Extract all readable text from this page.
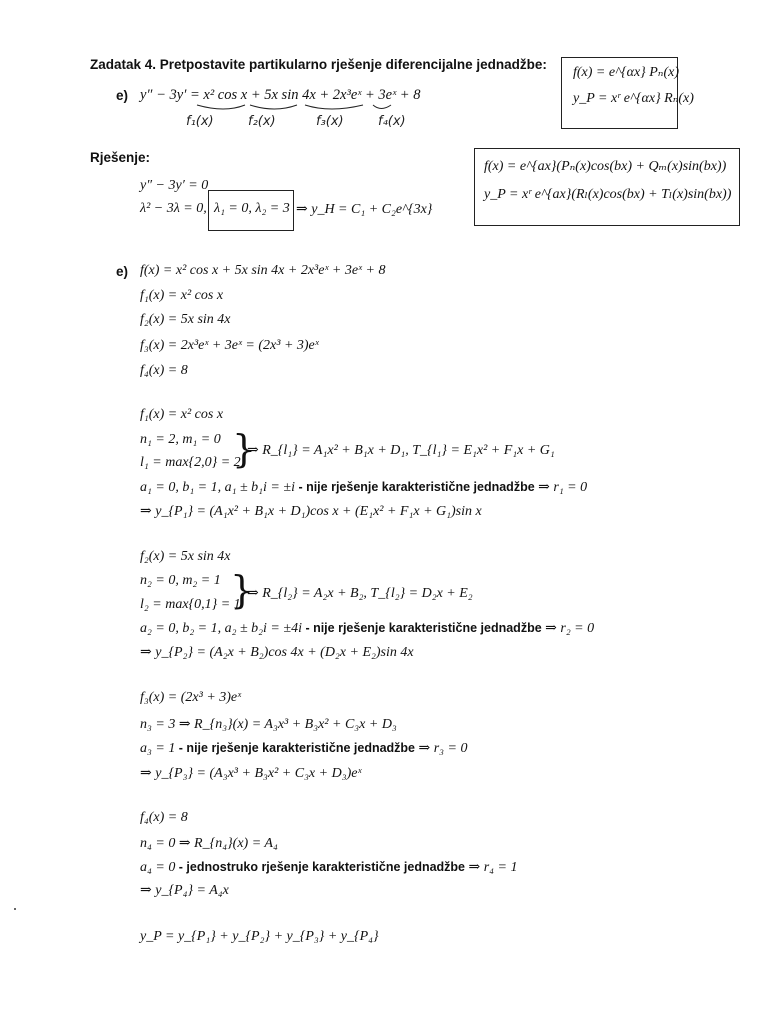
Zadatak 4. Pretpostavite partikularno rješenje diferencijalne jednadžbe:
e) y″ − 3y′ = x² cos x + 5x sin 4x + 2x³eˣ + 3eˣ + 8
f₁(x)	f₂(x)	f₃(x)	f₄(x)
f(x) = e^{αx} Pₙ(x)
y_P = xʳ e^{αx} Rₙ(x)
f(x) = e^{ax}(Pₙ(x)cos(bx) + Qₘ(x)sin(bx))
y_P = xʳ e^{ax}(Rₗ(x)cos(bx) + Tₗ(x)sin(bx))
Rješenje:
y″ − 3y′ = 0
λ² − 3λ = 0, λ₁ = 0, λ₂ = 3 ⇒ y_H = C₁ + C₂e^{3x}
e) f(x) = x² cos x + 5x sin 4x + 2x³eˣ + 3eˣ + 8
f₁(x) = x² cos x
f₂(x) = 5x sin 4x
f₃(x) = 2x³eˣ + 3eˣ = (2x³ + 3)eˣ
f₄(x) = 8
f₁(x) = x² cos x
n₁ = 2, m₁ = 0
l₁ = max{2,0} = 2
}
⇒ R_{l₁} = A₁x² + B₁x + D₁, T_{l₁} = E₁x² + F₁x + G₁
a₁ = 0, b₁ = 1, a₁ ± b₁i = ±i - nije rješenje karakteristične jednadžbe ⇒ r₁ = 0
⇒ y_{P₁} = (A₁x² + B₁x + D₁)cos x + (E₁x² + F₁x + G₁)sin x
f₂(x) = 5x sin 4x
n₂ = 0, m₂ = 1
l₂ = max{0,1} = 1
}
⇒ R_{l₂} = A₂x + B₂, T_{l₂} = D₂x + E₂
a₂ = 0, b₂ = 1, a₂ ± b₂i = ±4i - nije rješenje karakteristične jednadžbe ⇒ r₂ = 0
⇒ y_{P₂} = (A₂x + B₂)cos 4x + (D₂x + E₂)sin 4x
f₃(x) = (2x³ + 3)eˣ
n₃ = 3 ⇒ R_{n₃}(x) = A₃x³ + B₃x² + C₃x + D₃
a₃ = 1 - nije rješenje karakteristične jednadžbe ⇒ r₃ = 0
⇒ y_{P₃} = (A₃x³ + B₃x² + C₃x + D₃)eˣ
f₄(x) = 8
n₄ = 0 ⇒ R_{n₄}(x) = A₄
a₄ = 0 - jednostruko rješenje karakteristične jednadžbe ⇒ r₄ = 1
⇒ y_{P₄} = A₄x
y_P = y_{P₁} + y_{P₂} + y_{P₃} + y_{P₄}
